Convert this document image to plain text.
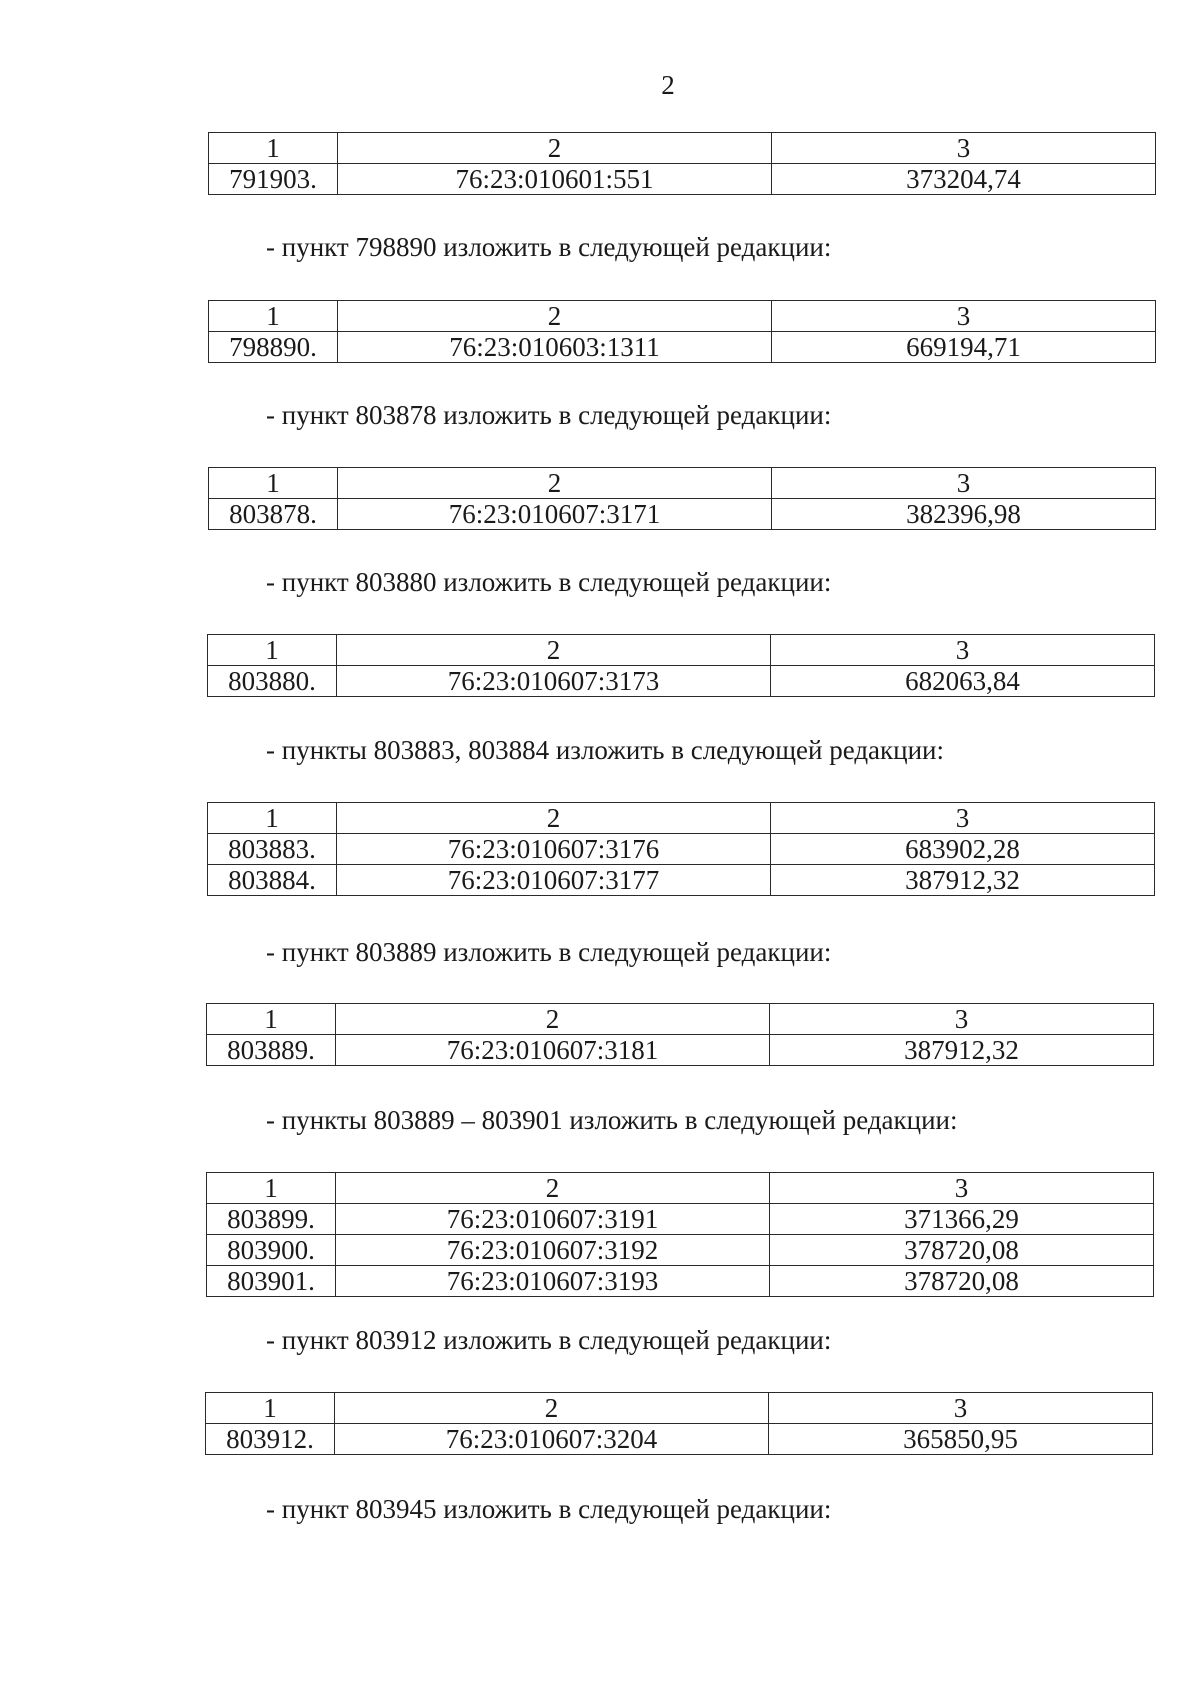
2
1	2	3
791903.	76:23:010601:551	373204,74
- пункт 798890 изложить в следующей редакции:
1	2	3
798890.	76:23:010603:1311	669194,71
- пункт 803878 изложить в следующей редакции:
1	2	3
803878.	76:23:010607:3171	382396,98
- пункт 803880 изложить в следующей редакции:
1	2	3
803880.	76:23:010607:3173	682063,84
- пункты 803883, 803884 изложить в следующей редакции:
1	2	3
803883.	76:23:010607:3176	683902,28
803884.	76:23:010607:3177	387912,32
- пункт 803889 изложить в следующей редакции:
1	2	3
803889.	76:23:010607:3181	387912,32
- пункты 803889 – 803901 изложить в следующей редакции:
1	2	3
803899.	76:23:010607:3191	371366,29
803900.	76:23:010607:3192	378720,08
803901.	76:23:010607:3193	378720,08
- пункт 803912 изложить в следующей редакции:
1	2	3
803912.	76:23:010607:3204	365850,95
- пункт 803945 изложить в следующей редакции:
